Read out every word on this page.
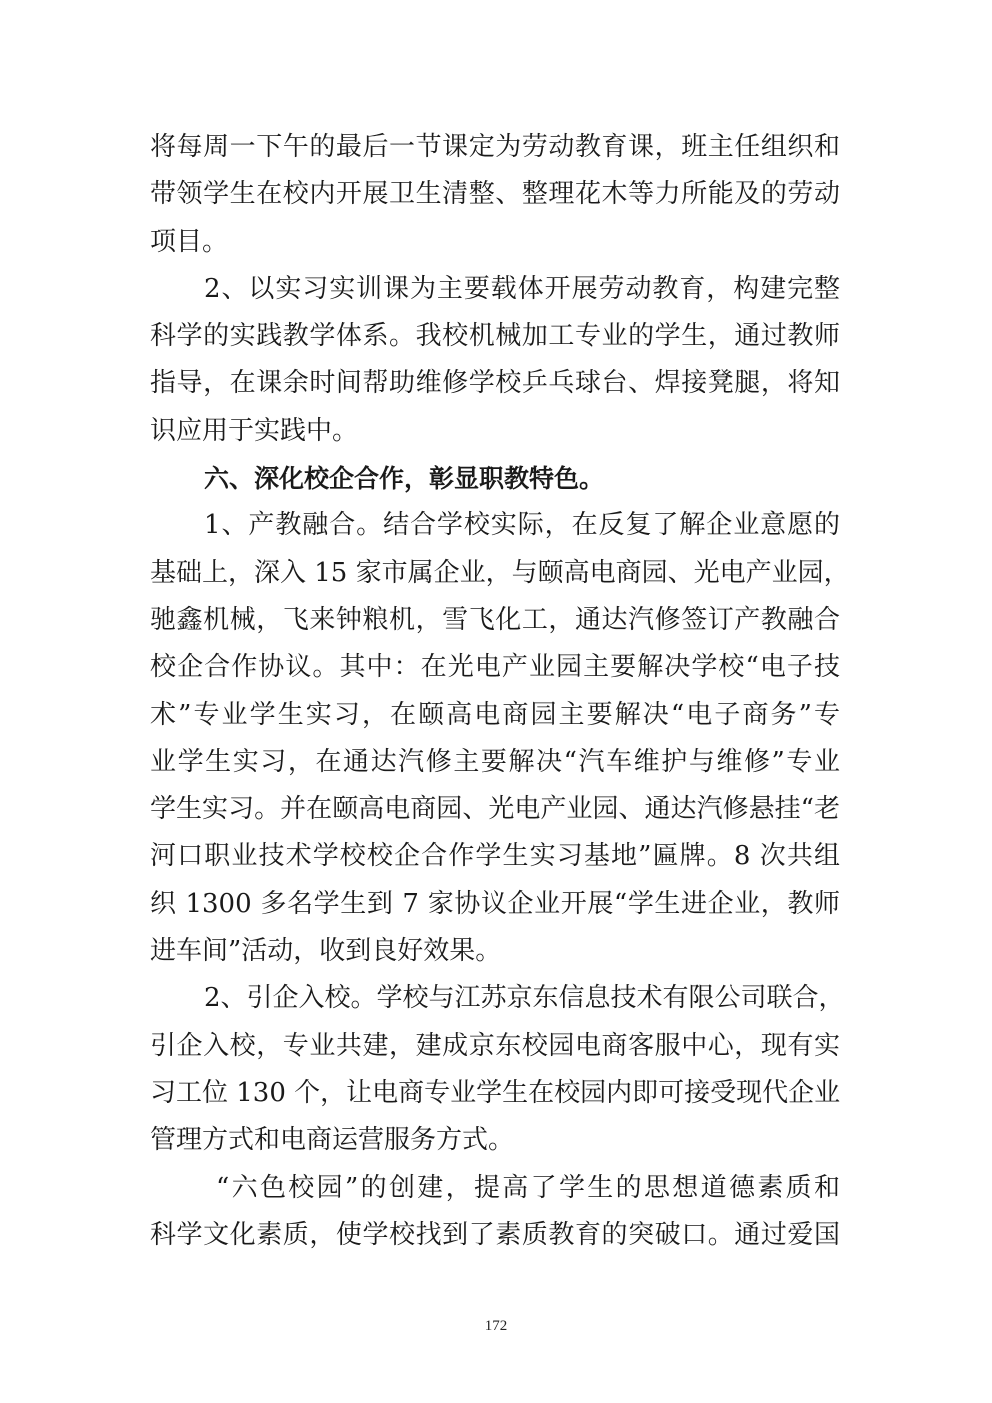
将每周一下午的最后一节课定为劳动教育课，班主任组织和
带领学生在校内开展卫生清整、整理花木等力所能及的劳动
项目。
2、以实习实训课为主要载体开展劳动教育，构建完整
科学的实践教学体系。我校机械加工专业的学生，通过教师
指导，在课余时间帮助维修学校乒乓球台、焊接凳腿，将知
识应用于实践中。
六、深化校企合作，彰显职教特色。
1、产教融合。结合学校实际，在反复了解企业意愿的
基础上，深入 15 家市属企业，与颐高电商园、光电产业园，
驰鑫机械，飞来钟粮机，雪飞化工，通达汽修签订产教融合
校企合作协议。其中：在光电产业园主要解决学校“电子技
术”专业学生实习，在颐高电商园主要解决“电子商务”专
业学生实习，在通达汽修主要解决“汽车维护与维修”专业
学生实习。并在颐高电商园、光电产业园、通达汽修悬挂“老
河口职业技术学校校企合作学生实习基地”匾牌。8 次共组
织 1300 多名学生到 7 家协议企业开展“学生进企业，教师
进车间”活动，收到良好效果。
2、引企入校。学校与江苏京东信息技术有限公司联合，
引企入校，专业共建，建成京东校园电商客服中心，现有实
习工位 130 个，让电商专业学生在校园内即可接受现代企业
管理方式和电商运营服务方式。
“六色校园”的创建，提高了学生的思想道德素质和
科学文化素质，使学校找到了素质教育的突破口。通过爱国
172
